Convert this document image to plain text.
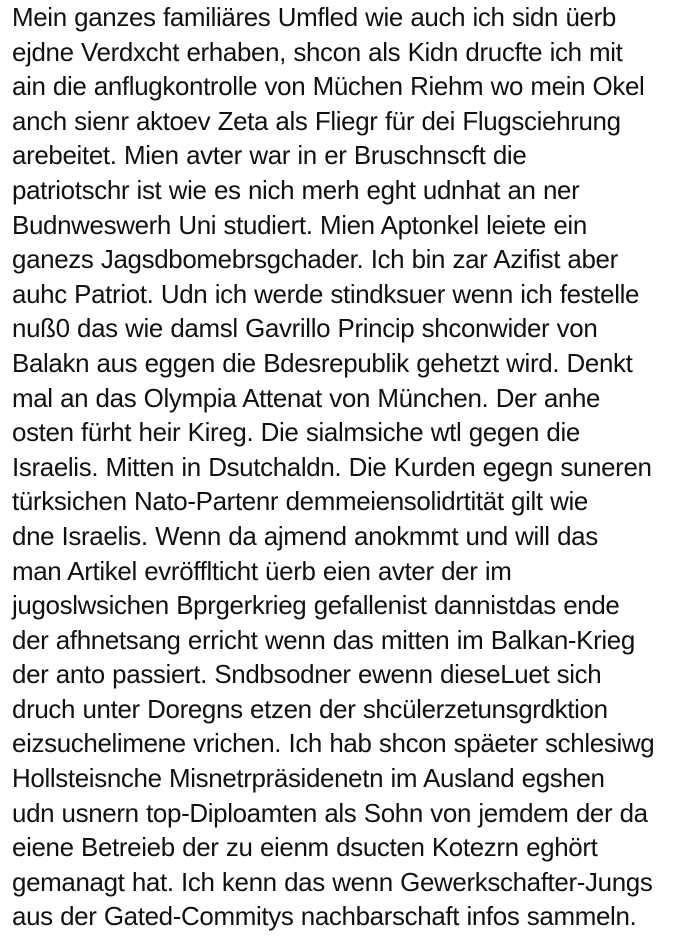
Mein ganzes familiäres Umfled wie auch ich sidn üerb
ejdne Verdxcht erhaben, shcon als Kidn drucfte ich mit
ain die anflugkontrolle von Müchen Riehm wo mein Okel
anch sienr aktoev Zeta als Fliegr für dei Flugsciehrung
arebeitet. Mien avter war in er Bruschnscft die
patriotschr ist wie es nich merh eght udnhat an ner
Budnweswerh Uni studiert. Mien Aptonkel leiete ein
ganezs Jagsdbomebrsgchader. Ich bin zar Azifist aber
auhc Patriot. Udn ich werde stindksuer wenn ich festelle
nuß0 das wie damsl Gavrillo Princip shconwider von
Balakn aus eggen die Bdesrepublik gehetzt wird. Denkt
mal an das Olympia Attenat von München. Der anhe
osten fürht heir Kireg. Die sialmsiche wtl gegen die
Israelis. Mitten in Dsutchaldn. Die Kurden egegn suneren
türksichen Nato-Partenr demmeiensolidrtität gilt wie
dne Israelis. Wenn da ajmend anokmmt und will das
man Artikel evröfflticht üerb eien avter der im
jugoslwsichen Bprgerkrieg gefallenist dannistdas ende
der afhnetsang erricht wenn das mitten im Balkan-Krieg
der anto passiert. Sndbsodner ewenn dieseLuet sich
druch unter Doregns etzen der shcülerzetunsgrdktion
eizsuchelimene vrichen. Ich hab shcon späeter schlesiwg
Hollsteisnche Misnetrpräsidenetn im Ausland egshen
udn usnern top-Diploamten als Sohn von jemdem der da
eiene Betreieb der zu eienm dsucten Kotezrn eghört
gemanagt hat. Ich kenn das wenn Gewerkschafter-Jungs
aus der Gated-Commitys nachbarschaft infos sammeln.
